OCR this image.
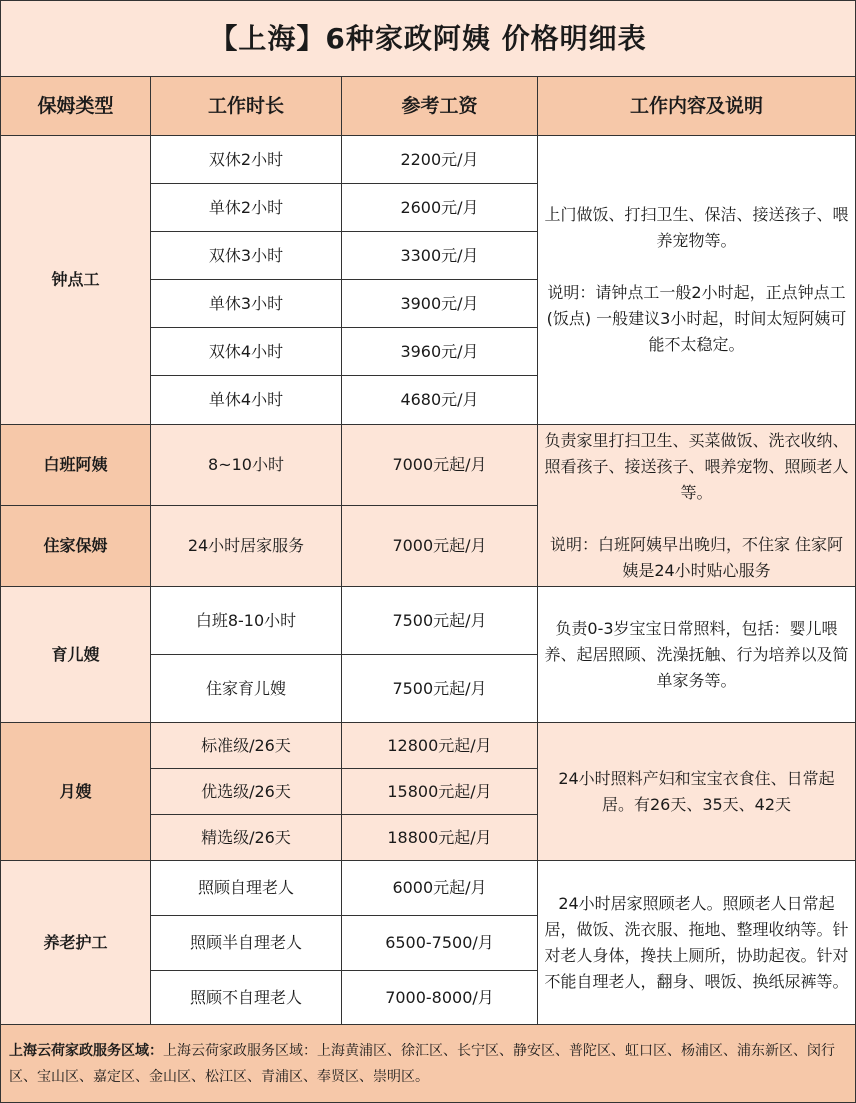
【上海】6种家政阿姨 价格明细表
保姆类型	工作时长	参考工资	工作内容及说明
钟点工
双休2小时	2200元/月
单休2小时	2600元/月
双休3小时	3300元/月
单休3小时	3900元/月
双休4小时	3960元/月
单休4小时	4680元/月

上门做饭、打扫卫生、保洁、接送孩子、喂养宠物等。

说明：请钟点工一般2小时起，正点钟点工(饭点) 一般建议3小时起，时间太短阿姨可能不太稳定。

白班阿姨	8~10小时	7000元起/月
住家保姆	24小时居家服务	7000元起/月

负责家里打扫卫生、买菜做饭、洗衣收纳、照看孩子、接送孩子、喂养宠物、照顾老人等。

说明：白班阿姨早出晚归，不住家 住家阿姨是24小时贴心服务

育儿嫂
白班8-10小时	7500元起/月
住家育儿嫂	7500元起/月

负责0-3岁宝宝日常照料，包括：婴儿喂养、起居照顾、洗澡抚触、行为培养以及简单家务等。

月嫂
标准级/26天	12800元起/月
优选级/26天	15800元起/月
精选级/26天	18800元起/月

24小时照料产妇和宝宝衣食住、日常起居。有26天、35天、42天

养老护工
照顾自理老人	6000元起/月
照顾半自理老人	6500-7500/月
照顾不自理老人	7000-8000/月

24小时居家照顾老人。照顾老人日常起居，做饭、洗衣服、拖地、整理收纳等。针对老人身体，搀扶上厕所，协助起夜。针对不能自理老人，翻身、喂饭、换纸尿裤等。

上海云荷家政服务区域：上海云荷家政服务区域：上海黄浦区、徐汇区、长宁区、静安区、普陀区、虹口区、杨浦区、浦东新区、闵行区、宝山区、嘉定区、金山区、松江区、青浦区、奉贤区、崇明区。
